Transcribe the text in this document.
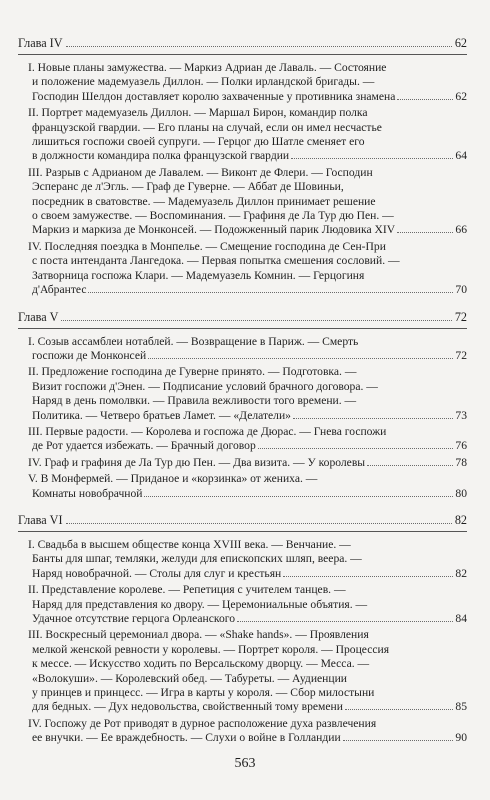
Глава IV	62
I. Новые планы замужества. — Маркиз Адриан де Лаваль. — Состояние
и положение мадемуазель Диллон. — Полки ирландской бригады. —
Господин Шелдон доставляет королю захваченные у противника знамена	62
II. Портрет мадемуазель Диллон. — Маршал Бирон, командир полка
французской гвардии. — Его планы на случай, если он имел несчастье
лишиться госпожи своей супруги. — Герцог дю Шатле сменяет его
в должности командира полка французской гвардии	64
III. Разрыв с Адрианом де Лавалем. — Виконт де Флери. — Господин
Эсперанс де л'Эгль. — Граф де Гуверне. — Аббат де Шовиньи,
посредник в сватовстве. — Мадемуазель Диллон принимает решение
о своем замужестве. — Воспоминания. — Графиня де Ла Тур дю Пен. —
Маркиз и маркиза де Монконсей. — Подожженный парик Людовика XIV	66
IV. Последняя поездка в Монпелье. — Смещение господина де Сен-При
с поста интенданта Лангедока. — Первая попытка смешения сословий. —
Затворница госпожа Клари. — Мадемуазель Комнин. — Герцогиня
д'Абрантес	70
Глава V	72
I. Созыв ассамблеи нотаблей. — Возвращение в Париж. — Смерть
госпожи де Монконсей	72
II. Предложение господина де Гуверне принято. — Подготовка. —
Визит госпожи д'Энен. — Подписание условий брачного договора. —
Наряд в день помолвки. — Правила вежливости того времени. —
Политика. — Четверо братьев Ламет. — «Делатели»	73
III. Первые радости. — Королева и госпожа де Дюрас. — Гнева госпожи
де Рот удается избежать. — Брачный договор	76
IV. Граф и графиня де Ла Тур дю Пен. — Два визита. — У королевы	78
V. В Монфермей. — Приданое и «корзинка» от жениха. —
Комнаты новобрачной	80
Глава VI	82
I. Свадьба в высшем обществе конца XVIII века. — Венчание. —
Банты для шпаг, темляки, желуди для епископских шляп, веера. —
Наряд новобрачной. — Столы для слуг и крестьян	82
II. Представление королеве. — Репетиция с учителем танцев. —
Наряд для представления ко двору. — Церемониальные объятия. —
Удачное отсутствие герцога Орлеанского	84
III. Воскресный церемониал двора. — «Shake hands». — Проявления
мелкой женской ревности у королевы. — Портрет короля. — Процессия
к мессе. — Искусство ходить по Версальскому дворцу. — Месса. —
«Волокуши». — Королевский обед. — Табуреты. — Аудиенции
у принцев и принцесс. — Игра в карты у короля. — Сбор милостыни
для бедных. — Дух недовольства, свойственный тому времени	85
IV. Госпожу де Рот приводят в дурное расположение духа развлечения
ее внучки. — Ее враждебность. — Слухи о войне в Голландии	90
563
